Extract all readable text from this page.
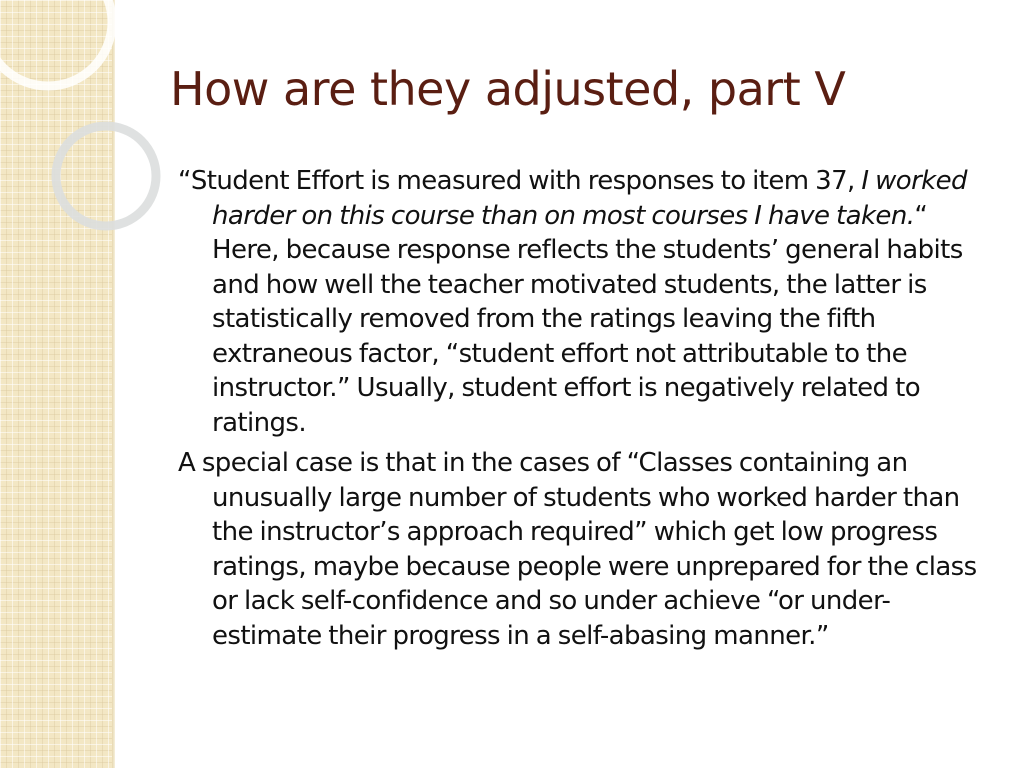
How are they adjusted, part V

“Student Effort is measured with responses to item 37, I worked harder on this course than on most courses I have taken.“ Here, because response reflects the students’ general habits and how well the teacher motivated students, the latter is statistically removed from the ratings leaving the fifth extraneous factor, “student effort not attributable to the instructor.” Usually, student effort is negatively related to ratings.

A special case is that in the cases of “Classes containing an unusually large number of students who worked harder than the instructor’s approach required” which get low progress ratings, maybe because people were unprepared for the class or lack self-confidence and so under achieve “or under-estimate their progress in a self-abasing manner.”
